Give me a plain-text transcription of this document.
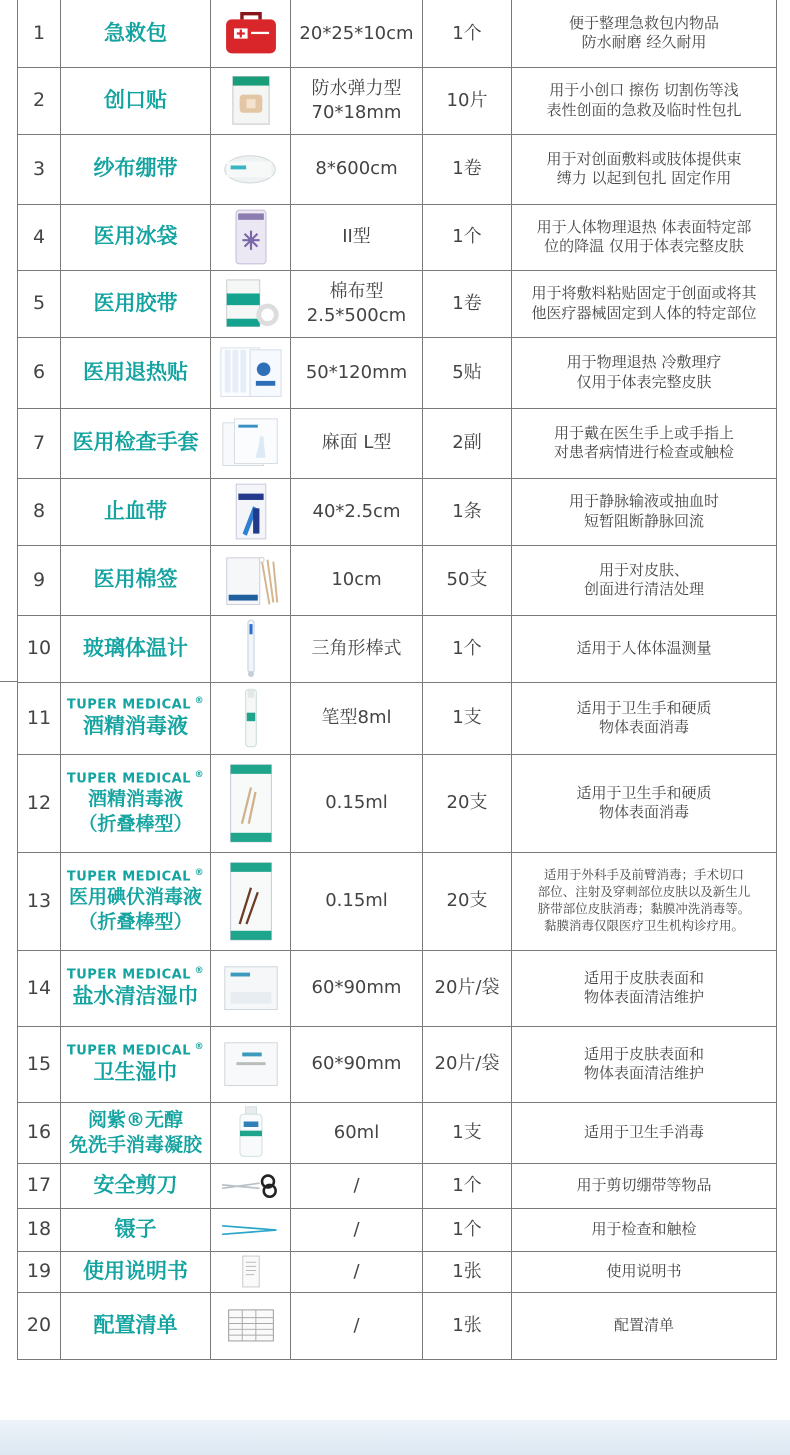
1	急救包		20*25*10cm	1个	便于整理急救包内物品
防水耐磨 经久耐用
2	创口贴		防水弹力型
70*18mm	10片	用于小创口 擦伤 切割伤等浅
表性创面的急救及临时性包扎
3	纱布绷带		8*600cm	1卷	用于对创面敷料或肢体提供束
缚力 以起到包扎 固定作用
4	医用冰袋		II型	1个	用于人体物理退热 体表面特定部
位的降温 仅用于体表完整皮肤
5	医用胶带		棉布型
2.5*500cm	1卷	用于将敷料粘贴固定于创面或将其
他医疗器械固定到人体的特定部位
6	医用退热贴		50*120mm	5贴	用于物理退热 冷敷理疗
仅用于体表完整皮肤
7	医用检查手套		麻面 L型	2副	用于戴在医生手上或手指上
对患者病情进行检查或触检
8	止血带		40*2.5cm	1条	用于静脉输液或抽血时
短暂阻断静脉回流
9	医用棉签		10cm	50支	用于对皮肤、
创面进行清洁处理
10	玻璃体温计		三角形棒式	1个	适用于人体体温测量
11	TUPER MEDICAL ®
酒精消毒液		笔型8ml	1支	适用于卫生手和硬质
物体表面消毒
12	TUPER MEDICAL ®
酒精消毒液
（折叠棒型）		0.15ml	20支	适用于卫生手和硬质
物体表面消毒
13	TUPER MEDICAL ®
医用碘伏消毒液
（折叠棒型）		0.15ml	20支	适用于外科手及前臂消毒；手术切口
部位、注射及穿刺部位皮肤以及新生儿
脐带部位皮肤消毒；黏膜冲洗消毒等。
黏膜消毒仅限医疗卫生机构诊疗用。
14	TUPER MEDICAL ®
盐水清洁湿巾		60*90mm	20片/袋	适用于皮肤表面和
物体表面清洁维护
15	TUPER MEDICAL ®
卫生湿巾		60*90mm	20片/袋	适用于皮肤表面和
物体表面清洁维护
16	阅紫®无醇
免洗手消毒凝胶		60ml	1支	适用于卫生手消毒
17	安全剪刀		/	1个	用于剪切绷带等物品
18	镊子		/	1个	用于检查和触检
19	使用说明书		/	1张	使用说明书
20	配置清单		/	1张	配置清单
